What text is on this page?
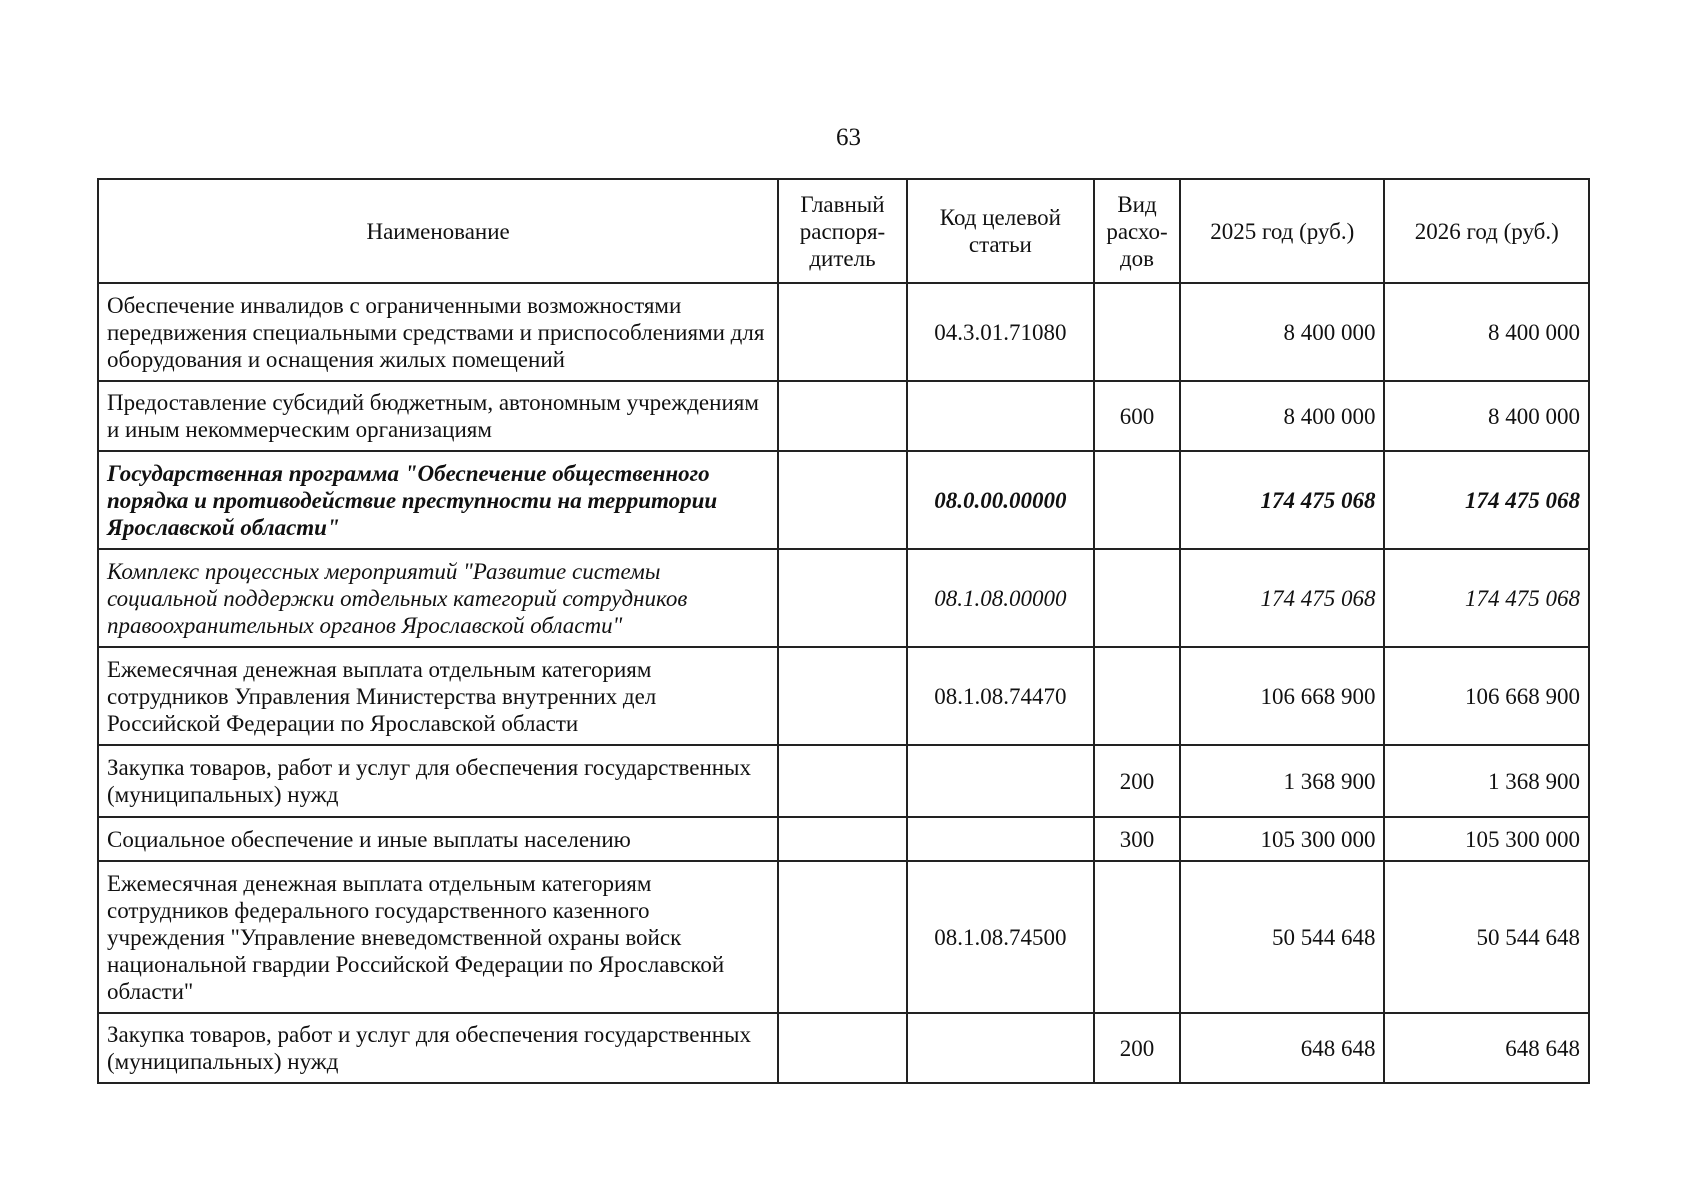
63
Наименование	Главный распоря-дитель	Код целевой статьи	Вид расхо-дов	2025 год (руб.)	2026 год (руб.)
Обеспечение инвалидов с ограниченными возможностями передвижения специальными средствами и приспособлениями для оборудования и оснащения жилых помещений		04.3.01.71080		8 400 000	8 400 000
Предоставление субсидий бюджетным, автономным учреждениям и иным некоммерческим организациям			600	8 400 000	8 400 000
Государственная программа "Обеспечение общественного порядка и противодействие преступности на территории Ярославской области"		08.0.00.00000		174 475 068	174 475 068
Комплекс процессных мероприятий "Развитие системы социальной поддержки отдельных категорий сотрудников правоохранительных органов Ярославской области"		08.1.08.00000		174 475 068	174 475 068
Ежемесячная денежная выплата отдельным категориям сотрудников Управления Министерства внутренних дел Российской Федерации по Ярославской области		08.1.08.74470		106 668 900	106 668 900
Закупка товаров, работ и услуг для обеспечения государственных (муниципальных) нужд			200	1 368 900	1 368 900
Социальное обеспечение и иные выплаты населению			300	105 300 000	105 300 000
Ежемесячная денежная выплата отдельным категориям сотрудников федерального государственного казенного учреждения "Управление вневедомственной охраны войск национальной гвардии Российской Федерации по Ярославской области"		08.1.08.74500		50 544 648	50 544 648
Закупка товаров, работ и услуг для обеспечения государственных (муниципальных) нужд			200	648 648	648 648
